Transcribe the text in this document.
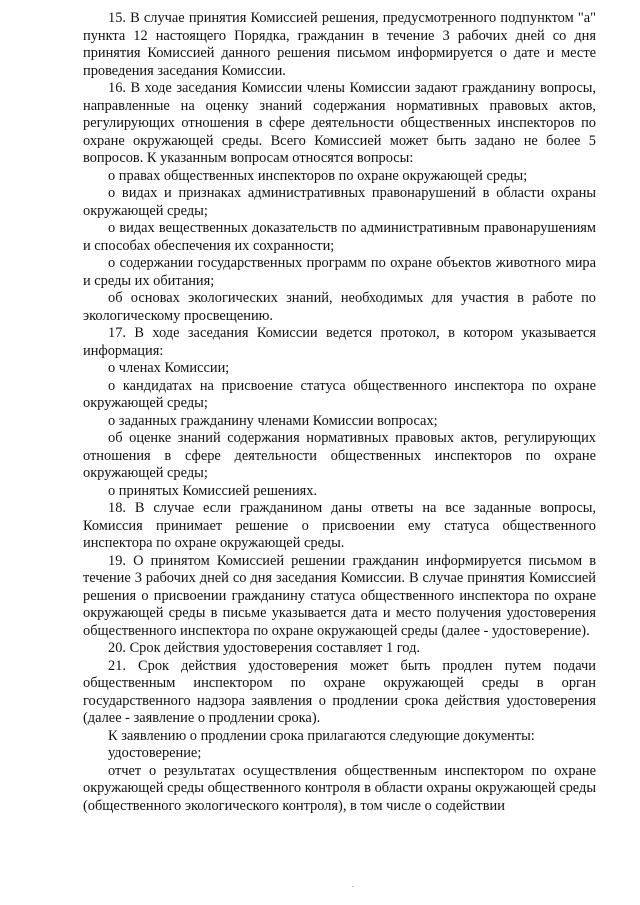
15. В случае принятия Комиссией решения, предусмотренного подпунктом "а" пункта 12 настоящего Порядка, гражданин в течение 3 рабочих дней со дня принятия Комиссией данного решения письмом информируется о дате и месте проведения заседания Комиссии.

16. В ходе заседания Комиссии члены Комиссии задают гражданину вопросы, направленные на оценку знаний содержания нормативных правовых актов, регулирующих отношения в сфере деятельности общественных инспекторов по охране окружающей среды. Всего Комиссией может быть задано не более 5 вопросов. К указанным вопросам относятся вопросы:

о правах общественных инспекторов по охране окружающей среды;

о видах и признаках административных правонарушений в области охраны окружающей среды;

о видах вещественных доказательств по административным правонарушениям и способах обеспечения их сохранности;

о содержании государственных программ по охране объектов животного мира и среды их обитания;

об основах экологических знаний, необходимых для участия в работе по экологическому просвещению.

17. В ходе заседания Комиссии ведется протокол, в котором указывается информация:

о членах Комиссии;

о кандидатах на присвоение статуса общественного инспектора по охране окружающей среды;

о заданных гражданину членами Комиссии вопросах;

об оценке знаний содержания нормативных правовых актов, регулирующих отношения в сфере деятельности общественных инспекторов по охране окружающей среды;

о принятых Комиссией решениях.

18. В случае если гражданином даны ответы на все заданные вопросы, Комиссия принимает решение о присвоении ему статуса общественного инспектора по охране окружающей среды.

19. О принятом Комиссией решении гражданин информируется письмом в течение 3 рабочих дней со дня заседания Комиссии. В случае принятия Комиссией решения о присвоении гражданину статуса общественного инспектора по охране окружающей среды в письме указывается дата и место получения удостоверения общественного инспектора по охране окружающей среды (далее - удостоверение).

20. Срок действия удостоверения составляет 1 год.

21. Срок действия удостоверения может быть продлен путем подачи общественным инспектором по охране окружающей среды в орган государственного надзора заявления о продлении срока действия удостоверения (далее - заявление о продлении срока).

К заявлению о продлении срока прилагаются следующие документы:

удостоверение;

отчет о результатах осуществления общественным инспектором по охране окружающей среды общественного контроля в области охраны окружающей среды (общественного экологического контроля), в том числе о содействии
